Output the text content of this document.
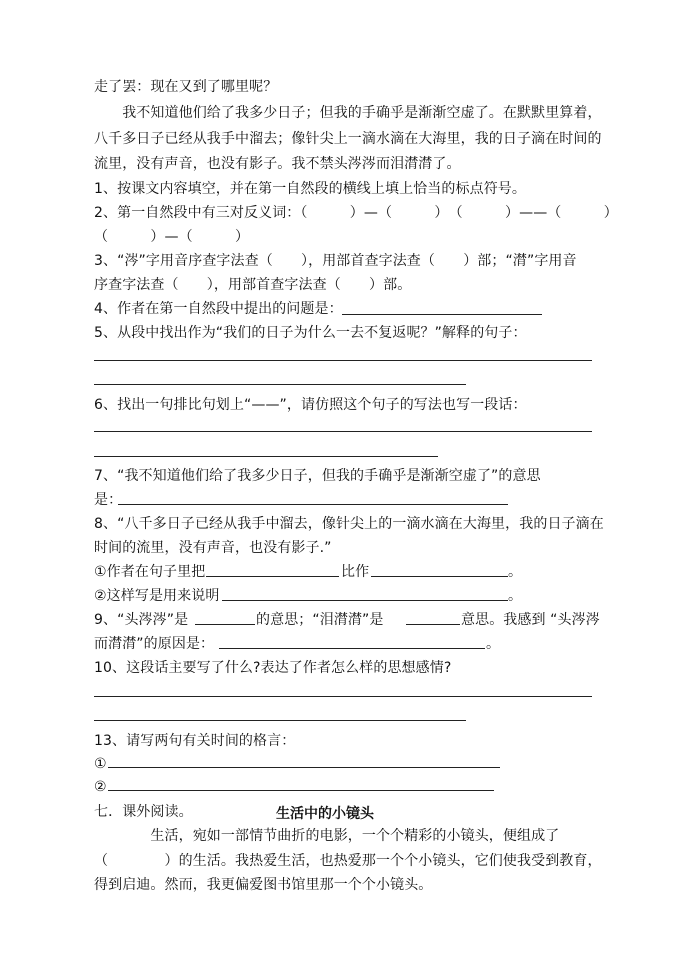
走了罢：现在又到了哪里呢？
　　我不知道他们给了我多少日子；但我的手确乎是渐渐空虚了。在默默里算着，
八千多日子已经从我手中溜去；像针尖上一滴水滴在大海里，我的日子滴在时间的
流里，没有声音，也没有影子。我不禁头涔涔而泪潸潸了。
1、按课文内容填空，并在第一自然段的横线上填上恰当的标点符号。
2、第一自然段中有三对反义词：（　　　）—（　　　）　（　　　）——（　　　）
（　　　）—（　　　）
3、“涔”字用音序查字法查（　　），用部首查字法查（　　）部；“潸”字用音
序查字法查（　　），用部首查字法查（　　）部。
4、作者在第一自然段中提出的问题是：
5、从段中找出作为“我们的日子为什么一去不复返呢？”解释的句子：
6、找出一句排比句划上“——”，请仿照这个句子的写法也写一段话：
7、“我不知道他们给了我多少日子，但我的手确乎是渐渐空虚了”的意思
是：
8、“八千多日子已经从我手中溜去，像针尖上的一滴水滴在大海里，我的日子滴在
时间的流里，没有声音，也没有影子.”
①作者在句子里把	比作	。
②这样写是用来说明	。
9、“头涔涔”是	的意思；“泪潸潸”是	意思。我感到 “头涔涔
而潸潸”的原因是：	。
10、这段话主要写了什么?表达了作者怎么样的思想感情?
13、请写两句有关时间的格言：
①
②
七．课外阅读。	生活中的小镜头
　　　　生活，宛如一部情节曲折的电影，一个个精彩的小镜头，便组成了
（　　　　）的生活。我热爱生活，也热爱那一个个小镜头，它们使我受到教育，
得到启迪。然而，我更偏爱图书馆里那一个个小镜头。
